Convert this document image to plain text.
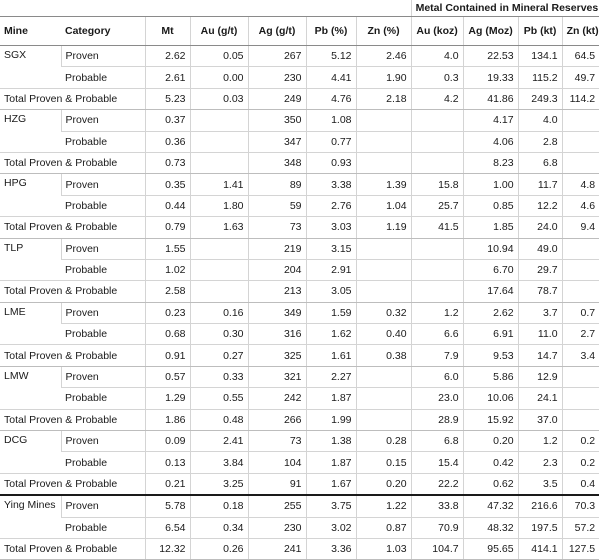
							Metal Contained in Mineral Reserves			
Mine	Category	Mt	Au (g/t)	Ag (g/t)	Pb (%)	Zn (%)	Au (koz)	Ag (Moz)	Pb (kt)	Zn (kt)
SGX	Proven	2.62	0.05	267	5.12	2.46	4.0	22.53	134.1	64.5
	Probable	2.61	0.00	230	4.41	1.90	0.3	19.33	115.2	49.7
Total Proven & Probable		5.23	0.03	249	4.76	2.18	4.2	41.86	249.3	114.2
HZG	Proven	0.37		350	1.08			4.17	4.0	
	Probable	0.36		347	0.77			4.06	2.8	
Total Proven & Probable		0.73		348	0.93			8.23	6.8	
HPG	Proven	0.35	1.41	89	3.38	1.39	15.8	1.00	11.7	4.8
	Probable	0.44	1.80	59	2.76	1.04	25.7	0.85	12.2	4.6
Total Proven & Probable		0.79	1.63	73	3.03	1.19	41.5	1.85	24.0	9.4
TLP	Proven	1.55		219	3.15			10.94	49.0	
	Probable	1.02		204	2.91			6.70	29.7	
Total Proven & Probable		2.58		213	3.05			17.64	78.7	
LME	Proven	0.23	0.16	349	1.59	0.32	1.2	2.62	3.7	0.7
	Probable	0.68	0.30	316	1.62	0.40	6.6	6.91	11.0	2.7
Total Proven & Probable		0.91	0.27	325	1.61	0.38	7.9	9.53	14.7	3.4
LMW	Proven	0.57	0.33	321	2.27		6.0	5.86	12.9	
	Probable	1.29	0.55	242	1.87		23.0	10.06	24.1	
Total Proven & Probable		1.86	0.48	266	1.99		28.9	15.92	37.0	
DCG	Proven	0.09	2.41	73	1.38	0.28	6.8	0.20	1.2	0.2
	Probable	0.13	3.84	104	1.87	0.15	15.4	0.42	2.3	0.2
Total Proven & Probable		0.21	3.25	91	1.67	0.20	22.2	0.62	3.5	0.4
Ying Mines	Proven	5.78	0.18	255	3.75	1.22	33.8	47.32	216.6	70.3
	Probable	6.54	0.34	230	3.02	0.87	70.9	48.32	197.5	57.2
Total Proven & Probable		12.32	0.26	241	3.36	1.03	104.7	95.65	414.1	127.5
